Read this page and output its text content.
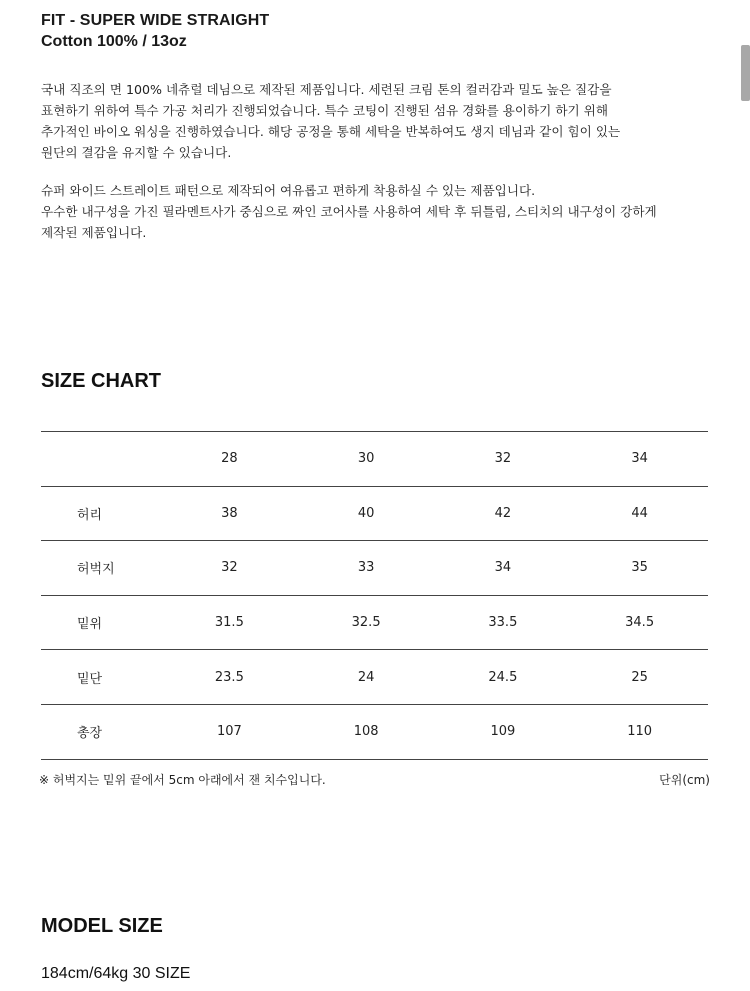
FIT - SUPER WIDE STRAIGHT
Cotton 100% / 13oz

국내 직조의 면 100% 네츄럴 데님으로 제작된 제품입니다. 세련된 크림 톤의 컬러감과 밀도 높은 질감을

표현하기 위하여 특수 가공 처리가 진행되었습니다. 특수 코팅이 진행된 섬유 경화를 용이하기 하기 위해

추가적인 바이오 워싱을 진행하였습니다. 해당 공정을 통해 세탁을 반복하여도 생지 데님과 같이 힘이 있는

원단의 결감을 유지할 수 있습니다.

슈퍼 와이드 스트레이트 패턴으로 제작되어 여유롭고 편하게 착용하실 수 있는 제품입니다.

우수한 내구성을 가진 필라멘트사가 중심으로 짜인 코어사를 사용하여 세탁 후 뒤틀림, 스티치의 내구성이 강하게

제작된 제품입니다.

SIZE CHART
	28	30	32	34
허리	38	40	42	44
허벅지	32	33	34	35
밑위	31.5	32.5	33.5	34.5
밑단	23.5	24	24.5	25
총장	107	108	109	110
※ 허벅지는 밑위 끝에서 5cm 아래에서 잰 치수입니다.	단위(cm)
MODEL SIZE
184cm/64kg 30 SIZE
